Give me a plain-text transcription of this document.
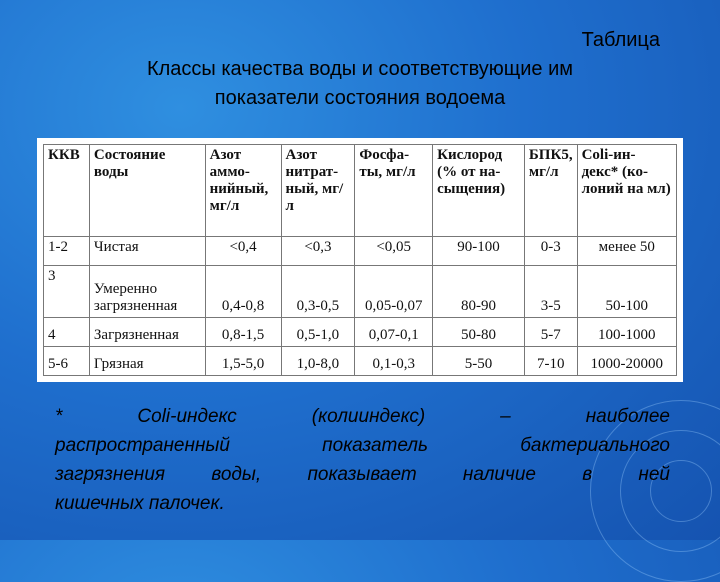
Таблица
Классы качества воды и соответствующие им
показатели состояния водоема
ККВ	Состояние воды	Азот аммо-нийный, мг/л	Азот нитрат-ный, мг/л	Фосфа-ты, мг/л	Кислород (% от на-сыщения)	БПК5, мг/л	Coli-ин-декс* (ко-лоний на мл)
1-2	Чистая	<0,4	<0,3	<0,05	90-100	0-3	менее 50
3	Умеренно загрязненная	0,4-0,8	0,3-0,5	0,05-0,07	80-90	3-5	50-100
4	Загрязненная	0,8-1,5	0,5-1,0	0,07-0,1	50-80	5-7	100-1000
5-6	Грязная	1,5-5,0	1,0-8,0	0,1-0,3	5-50	7-10	1000-20000
* Coli-индекс (колииндекс) – наиболее
распространенный показатель бактериального
загрязнения воды, показывает наличие в ней
кишечных палочек.
